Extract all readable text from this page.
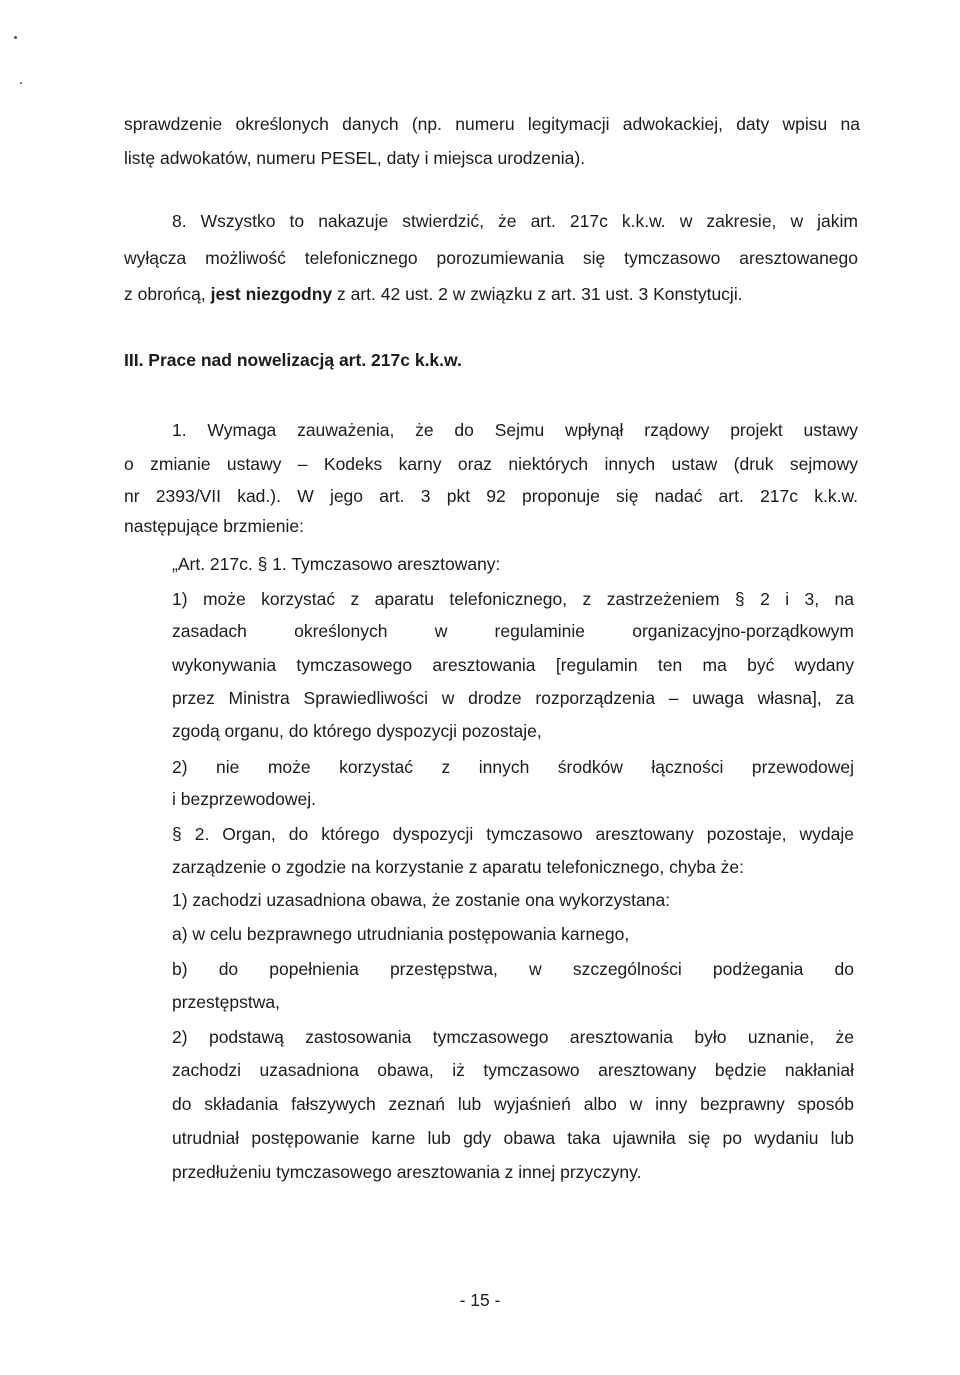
sprawdzenie określonych danych (np. numeru legitymacji adwokackiej, daty wpisu na

listę adwokatów, numeru PESEL, daty i miejsca urodzenia).

8. Wszystko to nakazuje stwierdzić, że art. 217c k.k.w. w zakresie, w jakim

wyłącza możliwość telefonicznego porozumiewania się tymczasowo aresztowanego

z obrońcą, jest niezgodny z art. 42 ust. 2 w związku z art. 31 ust. 3 Konstytucji.

III. Prace nad nowelizacją art. 217c k.k.w.

1. Wymaga zauważenia, że do Sejmu wpłynął rządowy projekt ustawy

o zmianie ustawy – Kodeks karny oraz niektórych innych ustaw (druk sejmowy

nr 2393/VII kad.). W jego art. 3 pkt 92 proponuje się nadać art. 217c k.k.w.

następujące brzmienie:

„Art. 217c. § 1. Tymczasowo aresztowany:

1) może korzystać z aparatu telefonicznego, z zastrzeżeniem § 2 i 3, na

zasadach określonych w regulaminie organizacyjno-porządkowym

wykonywania tymczasowego aresztowania [regulamin ten ma być wydany

przez Ministra Sprawiedliwości w drodze rozporządzenia – uwaga własna], za

zgodą organu, do którego dyspozycji pozostaje,

2) nie może korzystać z innych środków łączności przewodowej

i bezprzewodowej.

§ 2. Organ, do którego dyspozycji tymczasowo aresztowany pozostaje, wydaje

zarządzenie o zgodzie na korzystanie z aparatu telefonicznego, chyba że:

1) zachodzi uzasadniona obawa, że zostanie ona wykorzystana:

a) w celu bezprawnego utrudniania postępowania karnego,

b) do popełnienia przestępstwa, w szczególności podżegania do

przestępstwa,

2) podstawą zastosowania tymczasowego aresztowania było uznanie, że

zachodzi uzasadniona obawa, iż tymczasowo aresztowany będzie nakłaniał

do składania fałszywych zeznań lub wyjaśnień albo w inny bezprawny sposób

utrudniał postępowanie karne lub gdy obawa taka ujawniła się po wydaniu lub

przedłużeniu tymczasowego aresztowania z innej przyczyny.

- 15 -
